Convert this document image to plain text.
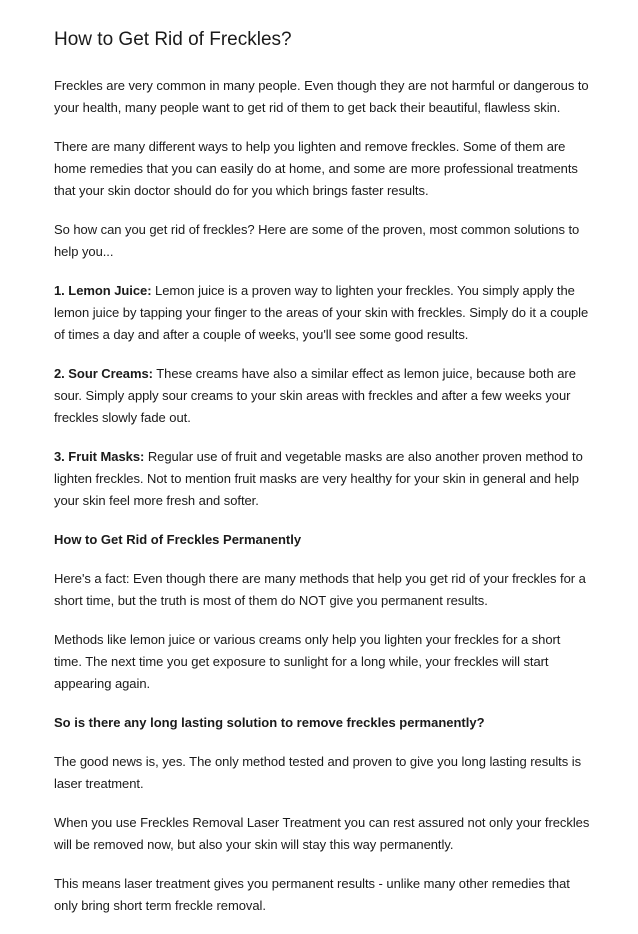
How to Get Rid of Freckles?

Freckles are very common in many people. Even though they are not harmful or dangerous to your health, many people want to get rid of them to get back their beautiful, flawless skin.

There are many different ways to help you lighten and remove freckles. Some of them are home remedies that you can easily do at home, and some are more professional treatments that your skin doctor should do for you which brings faster results.

So how can you get rid of freckles? Here are some of the proven, most common solutions to help you...

1. Lemon Juice: Lemon juice is a proven way to lighten your freckles. You simply apply the lemon juice by tapping your finger to the areas of your skin with freckles. Simply do it a couple of times a day and after a couple of weeks, you'll see some good results.

2. Sour Creams: These creams have also a similar effect as lemon juice, because both are sour. Simply apply sour creams to your skin areas with freckles and after a few weeks your freckles slowly fade out.

3. Fruit Masks: Regular use of fruit and vegetable masks are also another proven method to lighten freckles. Not to mention fruit masks are very healthy for your skin in general and help your skin feel more fresh and softer.

How to Get Rid of Freckles Permanently

Here's a fact: Even though there are many methods that help you get rid of your freckles for a short time, but the truth is most of them do NOT give you permanent results.

Methods like lemon juice or various creams only help you lighten your freckles for a short time. The next time you get exposure to sunlight for a long while, your freckles will start appearing again.

So is there any long lasting solution to remove freckles permanently?

The good news is, yes. The only method tested and proven to give you long lasting results is laser treatment.

When you use Freckles Removal Laser Treatment you can rest assured not only your freckles will be removed now, but also your skin will stay this way permanently.

This means laser treatment gives you permanent results - unlike many other remedies that only bring short term freckle removal.
